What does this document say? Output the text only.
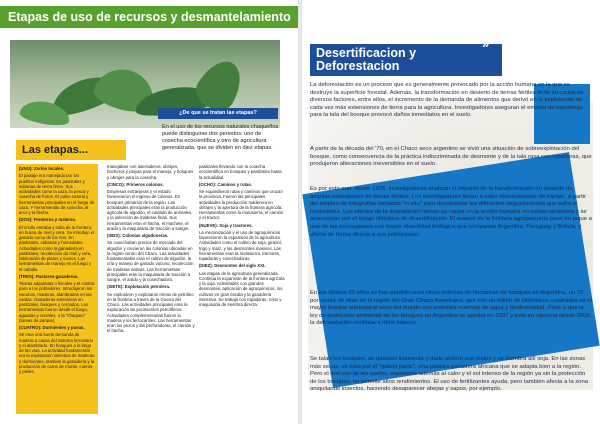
Etapas de uso de recursos y desmantelamiento
¿De que se tratan las etapas?
En el uso de los recursos naturales chaqueños puede distinguirse dos periodos: uno de cosecha ecocientífica y otro de agricultura generalizada, que se dividen en diez etapas.
Las etapas...

(UNO): Zorlos locales.

El paisaje era manejado por los pueblos indígenas. Es pastizales y sabanas de tierra firme. Sus actividades como la caza, la pesca y cosecha de frutos. El pulso natural y herramientas principales en el fuego de caza. Y herramientas de cosecha, al arco y la flecha.

(DOS): Frenteros y maleros.

El criollo entraba y salía de la frontera, en busca de miel y cera. Se introdujo el ganado cerca de los ríos. En pastizales, sabanas y humedales. Actividades como la ganadería en pastizales, recolección de miel y cera, fabricación de platos y cueros. Las herramientas de manejo en el fuego y el caballo.

(TRES): Pastoreo ganaderos.

Tierras adquiridas o fiscales y el control para a los pobladores. Introdujeron los vacunos, maderas, alambrados en las caídas. Ganaderas extensivas en pastizales, bosques y cercados. Las herramientas fueron desde el fuego, aguadas y corrales, o la "chaqueo" (tareas de parque).

(CUATRO): Durmientes y pueas.

Se crea una fuerte demanda de madera a causa del sistema ferroviario y el alambrado. En bosques a lo largo de las vías. La actividad fundamental era la explotación selectiva de maderas y durmientes, tambien la ganadería y la producción de carne de monte, cueros y pieles.

manejaban con aserraderos, obrajes, hacheros y playas para el manejo, y bosques y obrajes para la cosecha.

(CINCO): Primeros colonos.

Empresas extranjeras y el estado favorecieron el ingreso de colonos. En bosques primarios de la región. Las actividades principales eran la producción agrícola de algodón, el cuidado de animales, y la selección de maderas finas. Sus herramientas eran el hacha, el machete, el arado y la maquinaria de tracción a sangre.

(SEIS): Colonias algodoneras.

Se cosechaban precios de mercado del algodón y crecieron las colonias ubicadas en la región centro del Chaco. Las actividades fundamentales eran el cultivo de algodón, la cría y manejo de ganado vacuno, recolección de maderas nativas. Las herramientas principales eran la maquinaria de tracción a sangre, el arado y la cosechadora.

(SIETE): Explotación petrolera.

Se exploraron y explotaron minas de petróleo en la frontera a través de la Guerra del Chaco. Las actividades principales eran la exploración de yacimientos petrolíferos. Actividades complementarias fueron la madera y los ferrocarriles. Las herramientas eran los pozos y las perforadoras, el camión y el hacha.

pastizales llevando con la cosecha ecocientífica en bosques y pastizales hasta la actualidad.

(OCHO): Caminos y rutas.

Se expandieron rutas y caminos que cruzan la provincia. Fueron las principales actividades la producción maderera en obrajes y la apertura de la frontera agrícola. Herramientas como la motosierra, el camión y el tractor.

(NUEVE): Soja y tractores.

La mecanización y el uso de agroquímicos favorecieron la expansión de la agricultura. Actividades como el cultivo de soja, girasol, trigo y maíz, y los desmontes masivos. Las herramientas eran la motosierra, tractores, topadoras y cosechadoras.

(DIEZ): Desmontes del siglo XXI.

Las etapas de la agricultura generalizada. Continúa la expansión de la frontera agrícola y la soja. Actividades con grandes desmontes, aplicación de agroquímicos, los cultivos en gran escala y la ganadería intensiva. Se trabaja con topadoras, rolos y maquinaria de siembra directa.

Desertificacion y Deforestacion
»

La deforestación es un proceso que es generalmente provocado por la acción humana en la que se destruye la superficie forestal. Además, la transformación en desierto de tierras fértiles tiene su causa en diversos factores, entre ellos, el incremento de la demanda de alimentos que derivó en la explotación de cada vez más extensiones de tierra para la agricultura. Investigadores aseguran el empleo de topadoras para la tala del bosque provocó daños inmediatos en el suelo.

A partir de la década del '70, en el Chaco seco argentino se vivió una situación de sobreexplotación del bosque, como consecuencia de la práctica indiscriminada de desmonte y de la tala rasa con topadoras, que produjeron alteraciones irreversibles en el suelo.

Es por esto que, desde 1975, investigadores analizan el impacto de la transformación en desierto de amplias extensiones de tierras fértiles. Los investigadores llevan a cabo observaciones de campo, a partir del empleo de fotografías tomadas "in situ" para documentar los diferentes degradaciones que sufre el ecosistema. Los efectos de la degradación tienen su causa en la acción humana no conservacionista y se acrecientan por el riesgo climático de desertificación. El avance de la frontera agropecuaria pone en jaque a una de las ecorregiones con mayor diversidad biológica que comparten Argentina, Paraguay y Bolivia, y afecta de forma directa a sus poblaciones.

En los últimos 20 años se han perdido unos cinco millones de hectáreas de bosques en Argentina, un 70 por ciento de ellas en la región del Gran Chaco Americano, que con un millón de kilómetros cuadrados es el mayor bosque subtropical seco del mundo con enormes reservas de agua y biodiversidad. Pese a que la ley de protección ambiental de los bosques en Argentina se aprobó en 2007 y está en vigencia desde 2009, la deforestación continúa a ritmo intenso.

Se talan los bosques, se queman lisamente y dado abierto sus restos y se siembra allí soja. En las zonas más secas, se opta por el "gatton panic", una pastura ganadera africana que se adapta bien a la región. Pero el mal uso de los suelos, expuestos además al calor y el sol intenso de la región ya sin la protección de los bosques, no permite altos rendimientos. El uso de fertilizantes ayuda, pero también afecta a la zona aniquilando insectos, haciendo desaparecer abejas y sapos, por ejemplo.
